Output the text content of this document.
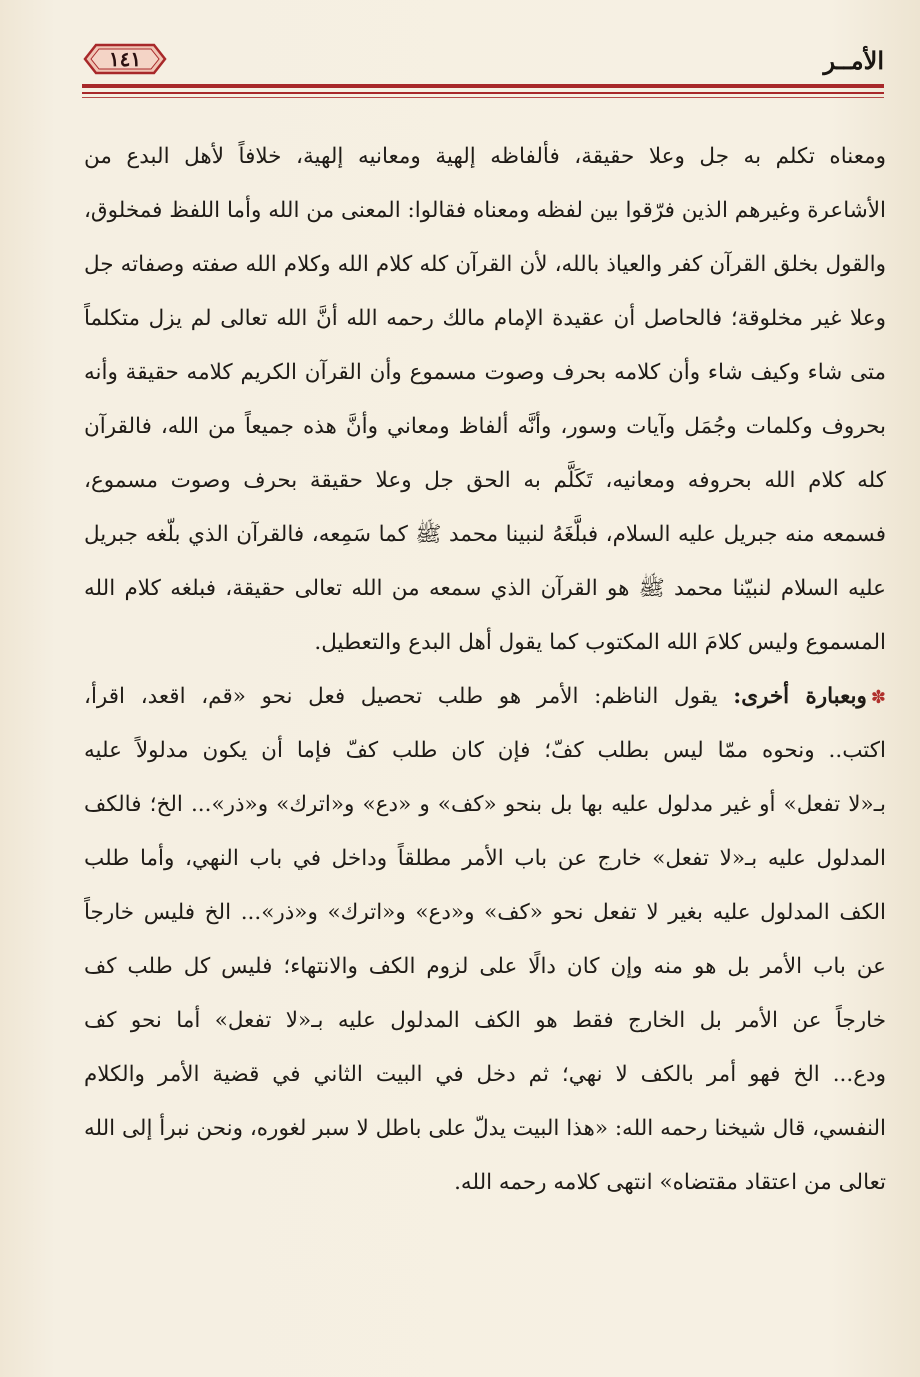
١٤١	الأمــر
ومعناه تكلم به جل وعلا حقيقة، فألفاظه إلهية ومعانيه إلهية، خلافاً لأهل البدع من
الأشاعرة وغيرهم الذين فرّقوا بين لفظه ومعناه فقالوا: المعنى من الله وأما اللفظ فمخلوق،
والقول بخلق القرآن كفر والعياذ بالله، لأن القرآن كله كلام الله وكلام الله صفته وصفاته جل
وعلا غير مخلوقة؛ فالحاصل أن عقيدة الإمام مالك رحمه الله أنَّ الله تعالى لم يزل متكلماً
متى شاء وكيف شاء وأن كلامه بحرف وصوت مسموع وأن القرآن الكريم كلامه حقيقة وأنه
بحروف وكلمات وجُمَل وآيات وسور، وأنَّه ألفاظ ومعاني وأنَّ هذه جميعاً من الله، فالقرآن
كله كلام الله بحروفه ومعانيه، تَكَلَّم به الحق جل وعلا حقيقة بحرف وصوت مسموع،
فسمعه منه جبريل عليه السلام، فبلَّغَهُ لنبينا محمد ﷺ كما سَمِعه، فالقرآن الذي بلّغه جبريل
عليه السلام لنبيّنا محمد ﷺ هو القرآن الذي سمعه من الله تعالى حقيقة، فبلغه كلام الله
المسموع وليس كلامَ الله المكتوب كما يقول أهل البدع والتعطيل.
✽وبعبارة أخرى: يقول الناظم: الأمر هو طلب تحصيل فعل نحو «قم، اقعد، اقرأ،
اكتب.. ونحوه ممّا ليس بطلب كفّ؛ فإن كان طلب كفّ فإما أن يكون مدلولاً عليه
بـ«لا تفعل» أو غير مدلول عليه بها بل بنحو «كف» و «دع» و«اترك» و«ذر»... الخ؛ فالكف
المدلول عليه بـ«لا تفعل» خارج عن باب الأمر مطلقاً وداخل في باب النهي، وأما طلب
الكف المدلول عليه بغير لا تفعل نحو «كف» و«دع» و«اترك» و«ذر»... الخ فليس خارجاً
عن باب الأمر بل هو منه وإن كان دالًا على لزوم الكف والانتهاء؛ فليس كل طلب كف
خارجاً عن الأمر بل الخارج فقط هو الكف المدلول عليه بـ«لا تفعل» أما نحو كف
ودع... الخ فهو أمر بالكف لا نهي؛ ثم دخل في البيت الثاني في قضية الأمر والكلام
النفسي، قال شيخنا رحمه الله: «هذا البيت يدلّ على باطل لا سبر لغوره، ونحن نبرأ إلى الله
تعالى من اعتقاد مقتضاه» انتهى كلامه رحمه الله.
